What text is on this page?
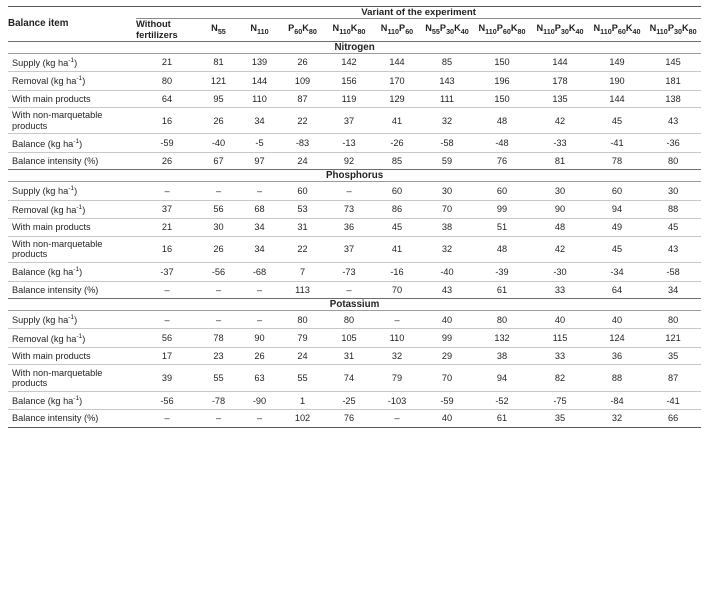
Balance item	Variant of the experiment										
	Without
fertilizers	$N_{55}$	$N_{110}$	$P_{60}K_{80}$	$N_{110}K_{80}$	$N_{110}P_{60}$	$N_{55}P_{30}K_{40}$	$N_{110}P_{60}K_{80}$	$N_{110}P_{30}K_{40}$	$N_{110}P_{60}K_{40}$	$N_{110}P_{30}K_{80}$
Nitrogen											
Supply (kg $ha^{-1}$)	21	81	139	26	142	144	85	150	144	149	145
Removal (kg $ha^{-1}$)	80	121	144	109	156	170	143	196	178	190	181
With main products	64	95	110	87	119	129	111	150	135	144	138
With non-marquetable products	16	26	34	22	37	41	32	48	42	45	43
Balance (kg $ha^{-1}$)	-59	-40	-5	-83	-13	-26	-58	-48	-33	-41	-36
Balance intensity (%)	26	67	97	24	92	85	59	76	81	78	80
Phosphorus											
Supply (kg $ha^{-1}$)	–	–	–	60	–	60	30	60	30	60	30
Removal (kg $ha^{-1}$)	37	56	68	53	73	86	70	99	90	94	88
With main products	21	30	34	31	36	45	38	51	48	49	45
With non-marquetable products	16	26	34	22	37	41	32	48	42	45	43
Balance (kg $ha^{-1}$)	-37	-56	-68	7	-73	-16	-40	-39	-30	-34	-58
Balance intensity (%)	–	–	–	113	–	70	43	61	33	64	34
Potassium											
Supply (kg $ha^{-1}$)	–	–	–	80	80	–	40	80	40	40	80
Removal (kg $ha^{-1}$)	56	78	90	79	105	110	99	132	115	124	121
With main products	17	23	26	24	31	32	29	38	33	36	35
With non-marquetable products	39	55	63	55	74	79	70	94	82	88	87
Balance (kg $ha^{-1}$)	-56	-78	-90	1	-25	-103	-59	-52	-75	-84	-41
Balance intensity (%)	–	–	–	102	76	–	40	61	35	32	66
